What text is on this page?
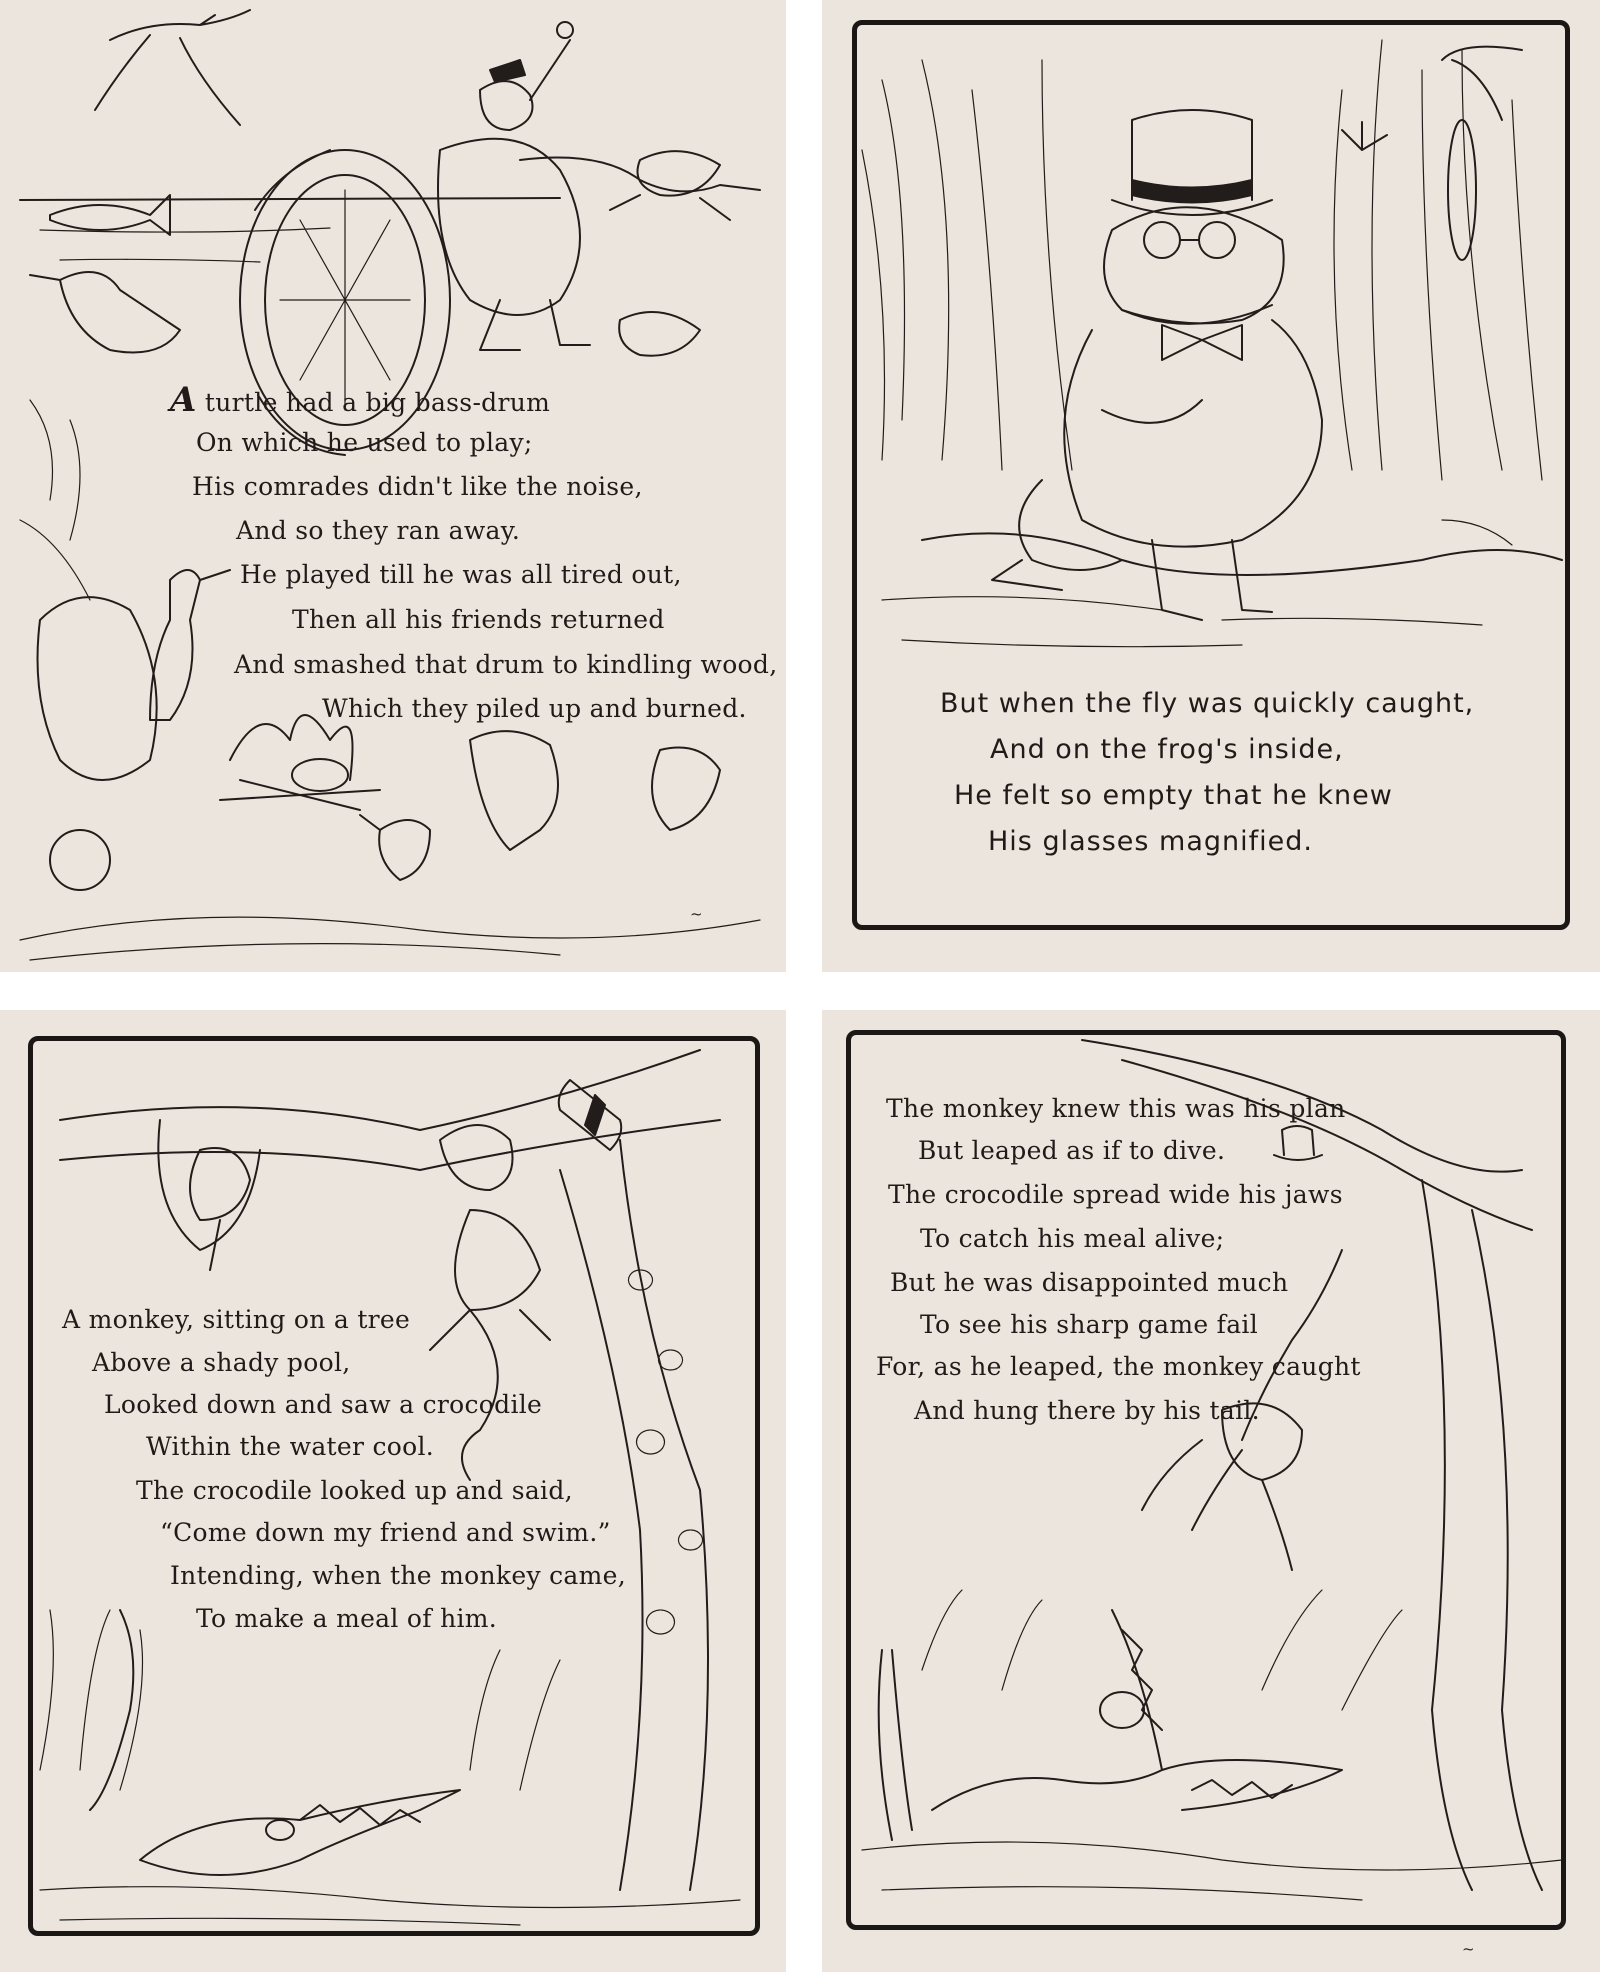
A turtle had a big bass-drum
On which he used to play;
His comrades didn't like the noise,
And so they ran away.
He played till he was all tired out,
Then all his friends returned
And smashed that drum to kindling wood,
Which they piled up and burned.
~
But when the fly was quickly caught,
And on the frog's inside,
He felt so empty that he knew
His glasses magnified.
A monkey, sitting on a tree
Above a shady pool,
Looked down and saw a crocodile
Within the water cool.
The crocodile looked up and said,
“Come down my friend and swim.”
Intending, when the monkey came,
To make a meal of him.
The monkey knew this was his plan
But leaped as if to dive.
The crocodile spread wide his jaws
To catch his meal alive;
But he was disappointed much
To see his sharp game fail
For, as he leaped, the monkey caught
And hung there by his tail.
~
